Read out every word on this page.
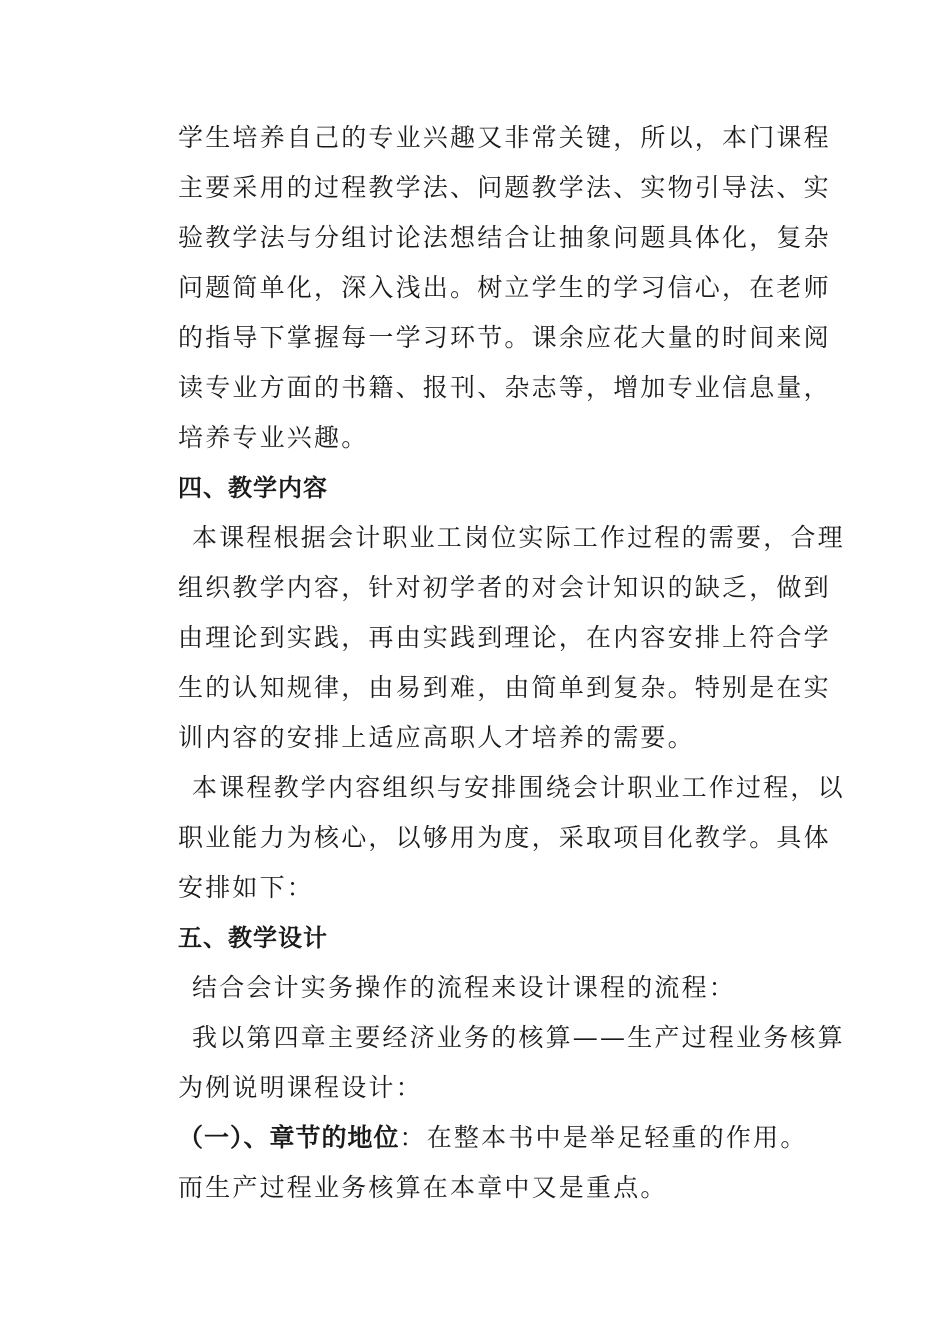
学生培养自己的专业兴趣又非常关键，所以，本门课程
主要采用的过程教学法、问题教学法、实物引导法、实
验教学法与分组讨论法想结合让抽象问题具体化，复杂
问题简单化，深入浅出。树立学生的学习信心，在老师
的指导下掌握每一学习环节。课余应花大量的时间来阅
读专业方面的书籍、报刊、杂志等，增加专业信息量，
培养专业兴趣。
四、教学内容
本课程根据会计职业工岗位实际工作过程的需要，合理
组织教学内容，针对初学者的对会计知识的缺乏，做到
由理论到实践，再由实践到理论，在内容安排上符合学
生的认知规律，由易到难，由简单到复杂。特别是在实
训内容的安排上适应高职人才培养的需要。
本课程教学内容组织与安排围绕会计职业工作过程，以
职业能力为核心，以够用为度，采取项目化教学。具体
安排如下：
五、教学设计
结合会计实务操作的流程来设计课程的流程：
我以第四章主要经济业务的核算——生产过程业务核算
为例说明课程设计：
（一）、章节的地位：在整本书中是举足轻重的作用。
而生产过程业务核算在本章中又是重点。
